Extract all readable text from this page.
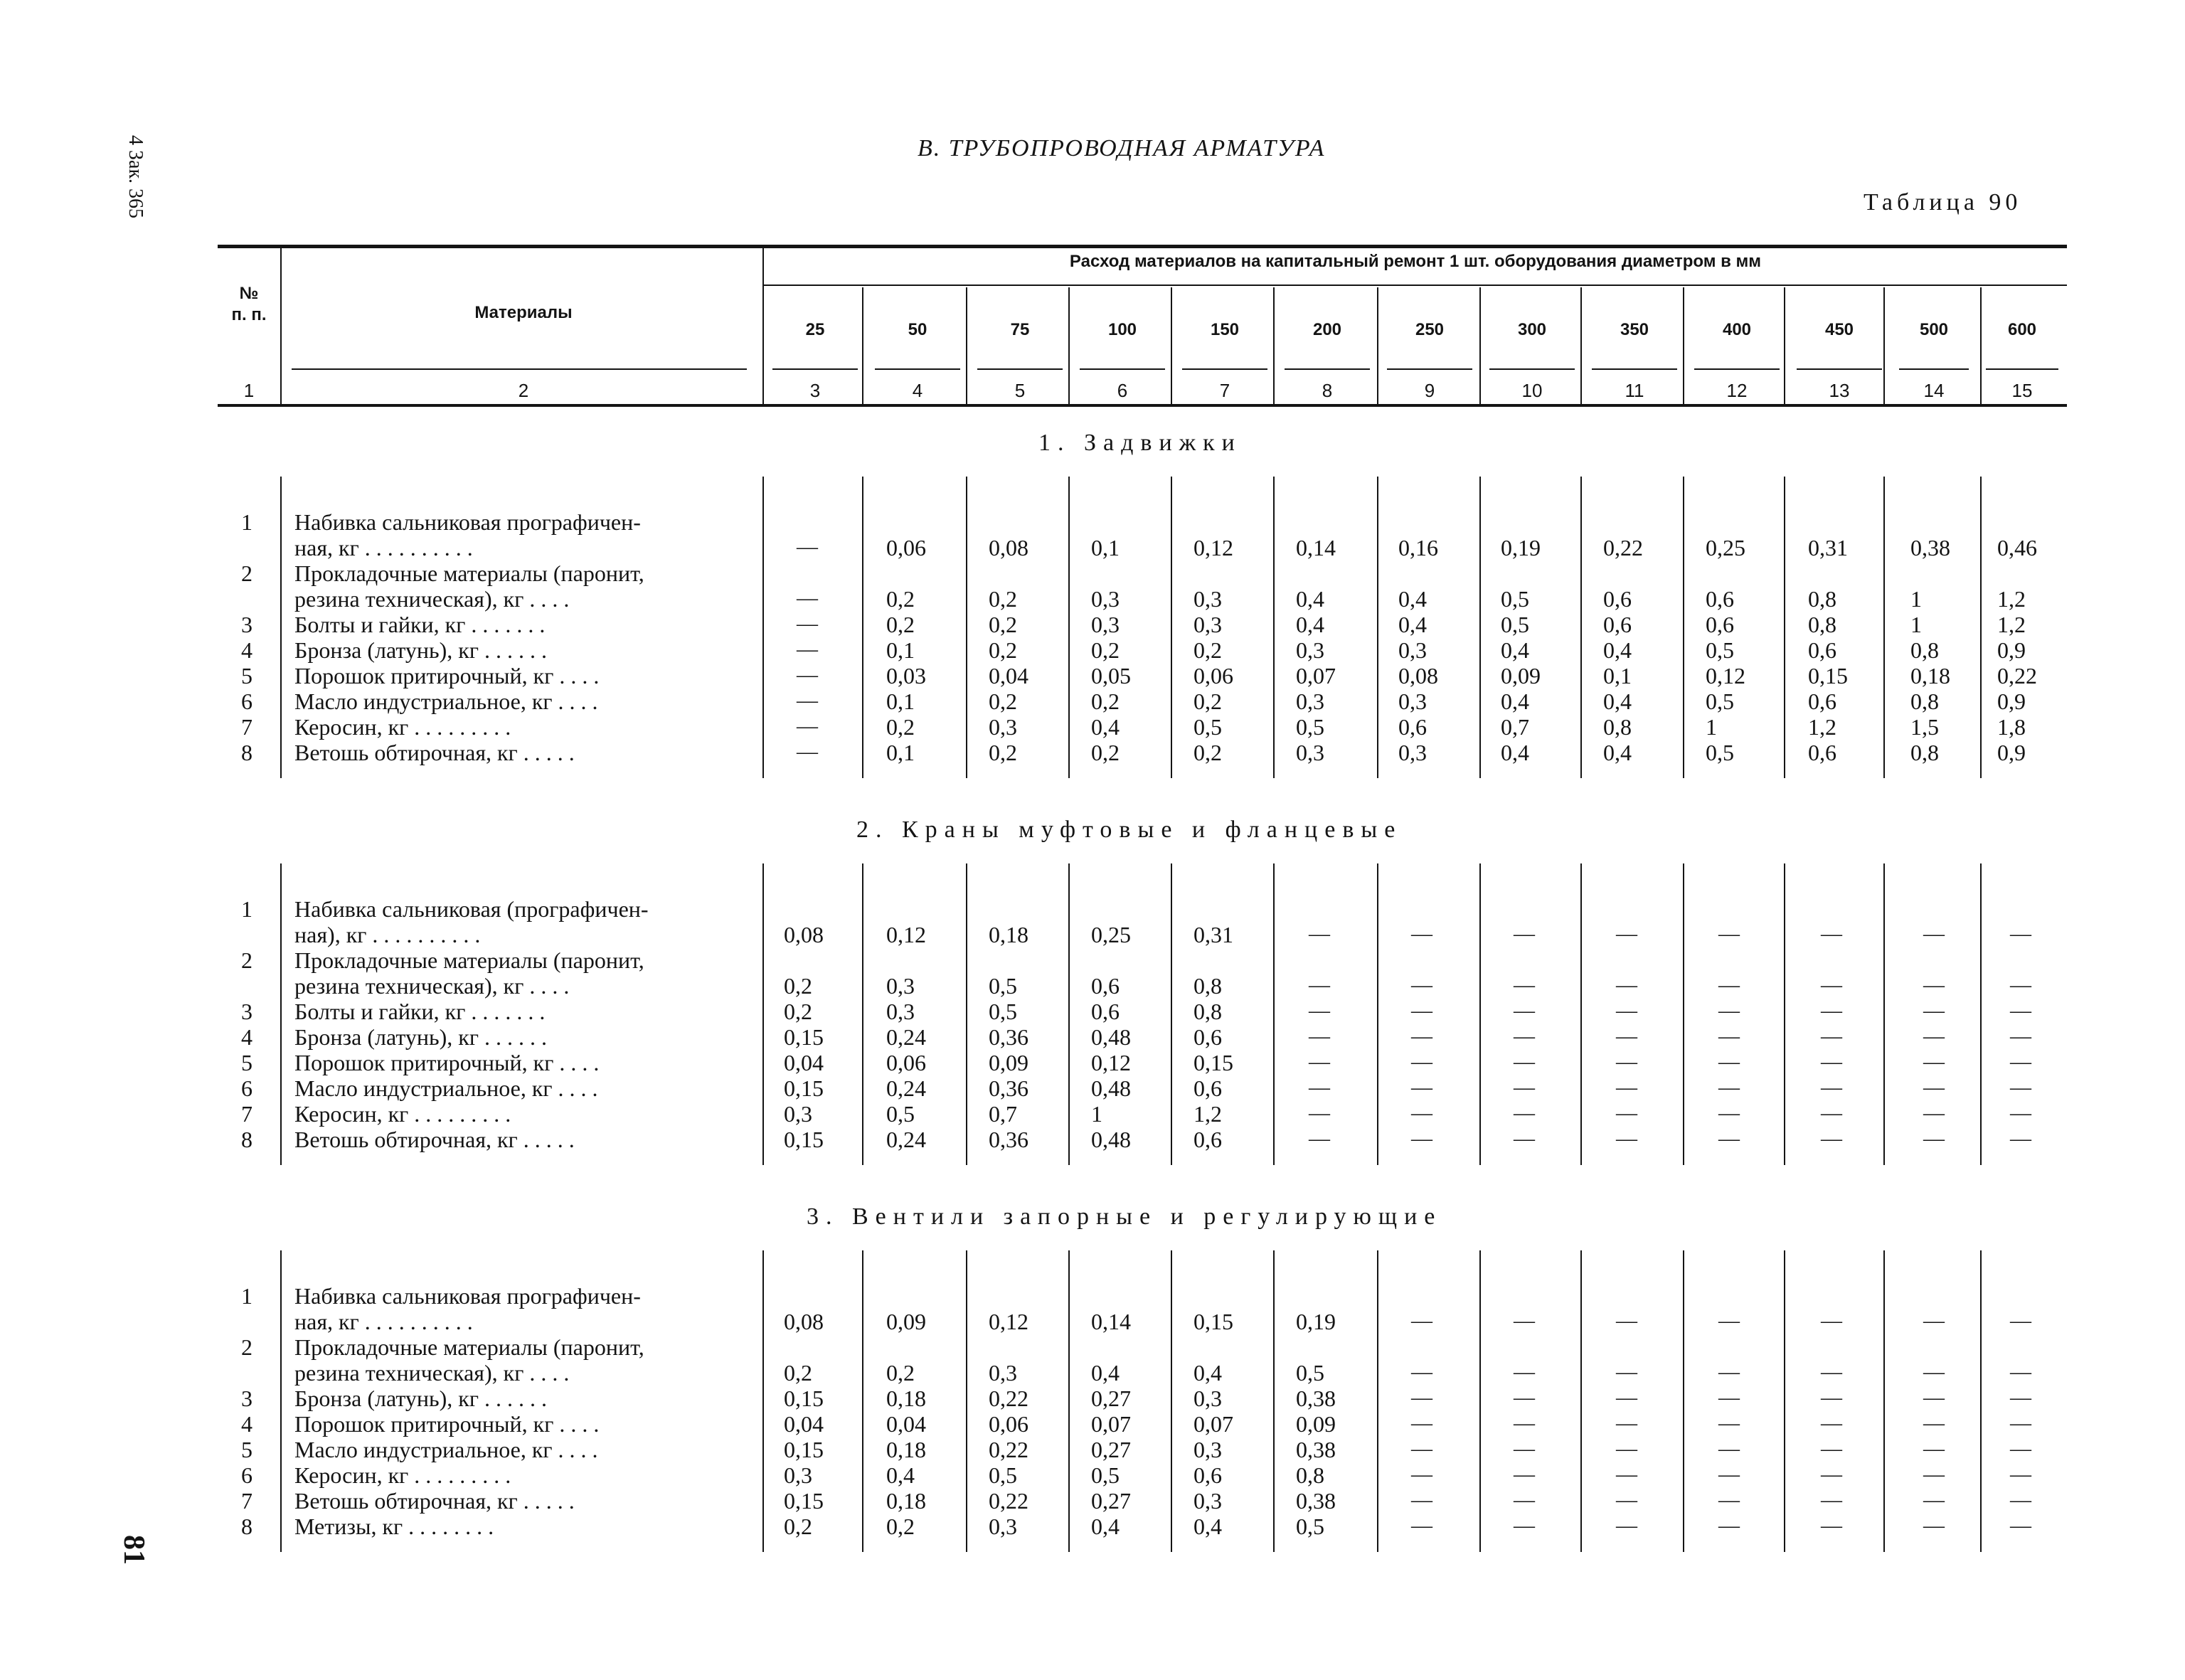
4 Зак. 365
81
В. ТРУБОПРОВОДНАЯ АРМАТУРА
Таблица 90
№
п. п.	Материалы
Расход материалов на капитальный ремонт 1 шт. оборудования диаметром в мм
25	50	75	100	150	200	250	300	350	400	450	500	600
1	2	3	4	5	6	7	8	9	10	11	12	13	14	15
1. Задвижки
1 Набивка сальниковая прографичен-
ная, кг . . . . . . . . . .	—	0,06	0,08	0,1	0,12	0,14	0,16	0,19	0,22	0,25	0,31	0,38 0,46
2 Прокладочные материалы (паронит,
резина техническая), кг . . . .	—	0,2	0,2	0,3	0,3	0,4	0,4	0,5	0,6	0,6	0,8	1	1,2
3 Болты и гайки, кг . . . . . . .	—	0,2	0,2	0,3	0,3	0,4	0,4	0,5	0,6	0,6	0,8	1	1,2
4 Бронза (латунь), кг . . . . . .	—	0,1	0,2	0,2	0,2	0,3	0,3	0,4	0,4	0,5	0,6	0,8	0,9
5 Порошок притирочный, кг . . . .	—	0,03	0,04	0,05	0,06	0,07	0,08	0,09	0,1	0,12	0,15	0,18 0,22
6 Масло индустриальное, кг . . . .	—	0,1	0,2	0,2	0,2	0,3	0,3	0,4	0,4	0,5	0,6	0,8	0,9
7 Керосин, кг . . . . . . . . .	—	0,2	0,3	0,4	0,5	0,5	0,6	0,7	0,8	1	1,2	1,5	1,8
8 Ветошь обтирочная, кг . . . . .	—	0,1	0,2	0,2	0,2	0,3	0,3	0,4	0,4	0,5	0,6	0,8	0,9
2. Краны муфтовые и фланцевые
1 Набивка сальниковая (прографичен-
ная), кг . . . . . . . . . .	0,08	0,12	0,18	0,25	0,31	—	—	—	—	—	—	—	—
2 Прокладочные материалы (паронит,
резина техническая), кг . . . .	0,2	0,3	0,5	0,6	0,8	—	—	—	—	—	—	—	—
3 Болты и гайки, кг . . . . . . .	0,2	0,3	0,5	0,6	0,8	—	—	—	—	—	—	—	—
4 Бронза (латунь), кг . . . . . .	0,15	0,24	0,36	0,48	0,6	—	—	—	—	—	—	—	—
5 Порошок притирочный, кг . . . .	0,04	0,06	0,09	0,12	0,15	—	—	—	—	—	—	—	—
6 Масло индустриальное, кг . . . .	0,15	0,24	0,36	0,48	0,6	—	—	—	—	—	—	—	—
7 Керосин, кг . . . . . . . . .	0,3	0,5	0,7	1	1,2	—	—	—	—	—	—	—	—
8 Ветошь обтирочная, кг . . . . .	0,15	0,24	0,36	0,48	0,6	—	—	—	—	—	—	—	—
3. Вентили запорные и регулирующие
1 Набивка сальниковая прографичен-
ная, кг . . . . . . . . . .	0,08	0,09	0,12	0,14	0,15	0,19	—	—	—	—	—	—	—
2 Прокладочные материалы (паронит,
резина техническая), кг . . . .	0,2	0,2	0,3	0,4	0,4	0,5	—	—	—	—	—	—	—
3 Бронза (латунь), кг . . . . . .	0,15	0,18	0,22	0,27	0,3	0,38	—	—	—	—	—	—	—
4 Порошок притирочный, кг . . . .	0,04	0,04	0,06	0,07	0,07	0,09	—	—	—	—	—	—	—
5 Масло индустриальное, кг . . . .	0,15	0,18	0,22	0,27	0,3	0,38	—	—	—	—	—	—	—
6 Керосин, кг . . . . . . . . .	0,3	0,4	0,5	0,5	0,6	0,8	—	—	—	—	—	—	—
7 Ветошь обтирочная, кг . . . . .	0,15	0,18	0,22	0,27	0,3	0,38	—	—	—	—	—	—	—
8 Метизы, кг . . . . . . . .	0,2	0,2	0,3	0,4	0,4	0,5	—	—	—	—	—	—	—
